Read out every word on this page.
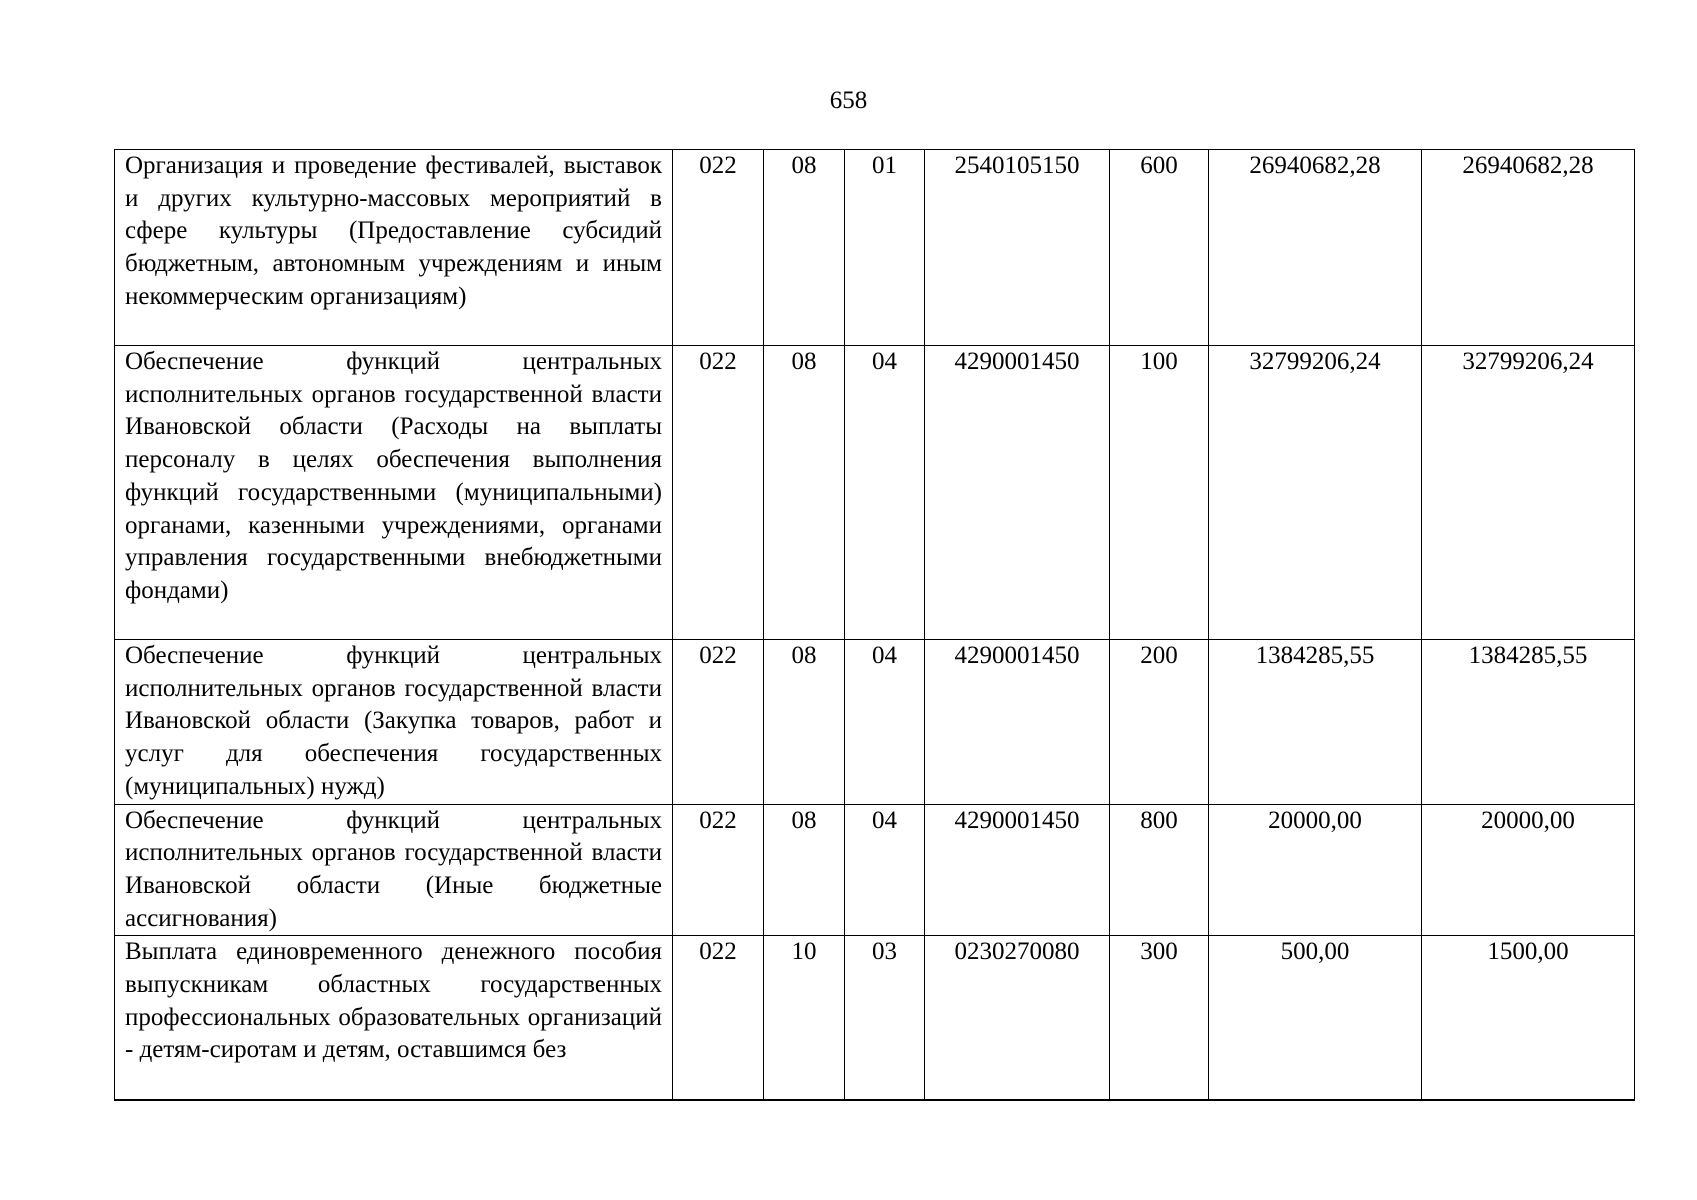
658
Организация и проведение фестивалей, выставок и других культурно-массовых мероприятий в сфере культуры (Предоставление субсидий бюджетным, автономным учреждениям и иным некоммерческим организациям)	022	08	01	2540105150	600	26940682,28	26940682,28
Обеспечение функций центральных исполнительных органов государственной власти Ивановской области (Расходы на выплаты персоналу в целях обеспечения выполнения функций государственными (муниципальными) органами, казенными учреждениями, органами управления государственными внебюджетными фондами)	022	08	04	4290001450	100	32799206,24	32799206,24
Обеспечение функций центральных исполнительных органов государственной власти Ивановской области (Закупка товаров, работ и услуг для обеспечения государственных (муниципальных) нужд)	022	08	04	4290001450	200	1384285,55	1384285,55
Обеспечение функций центральных исполнительных органов государственной власти Ивановской области (Иные бюджетные ассигнования)	022	08	04	4290001450	800	20000,00	20000,00
Выплата единовременного денежного пособия выпускникам областных государственных профессиональных образовательных организаций - детям-сиротам и детям, оставшимся без	022	10	03	0230270080	300	500,00	1500,00
